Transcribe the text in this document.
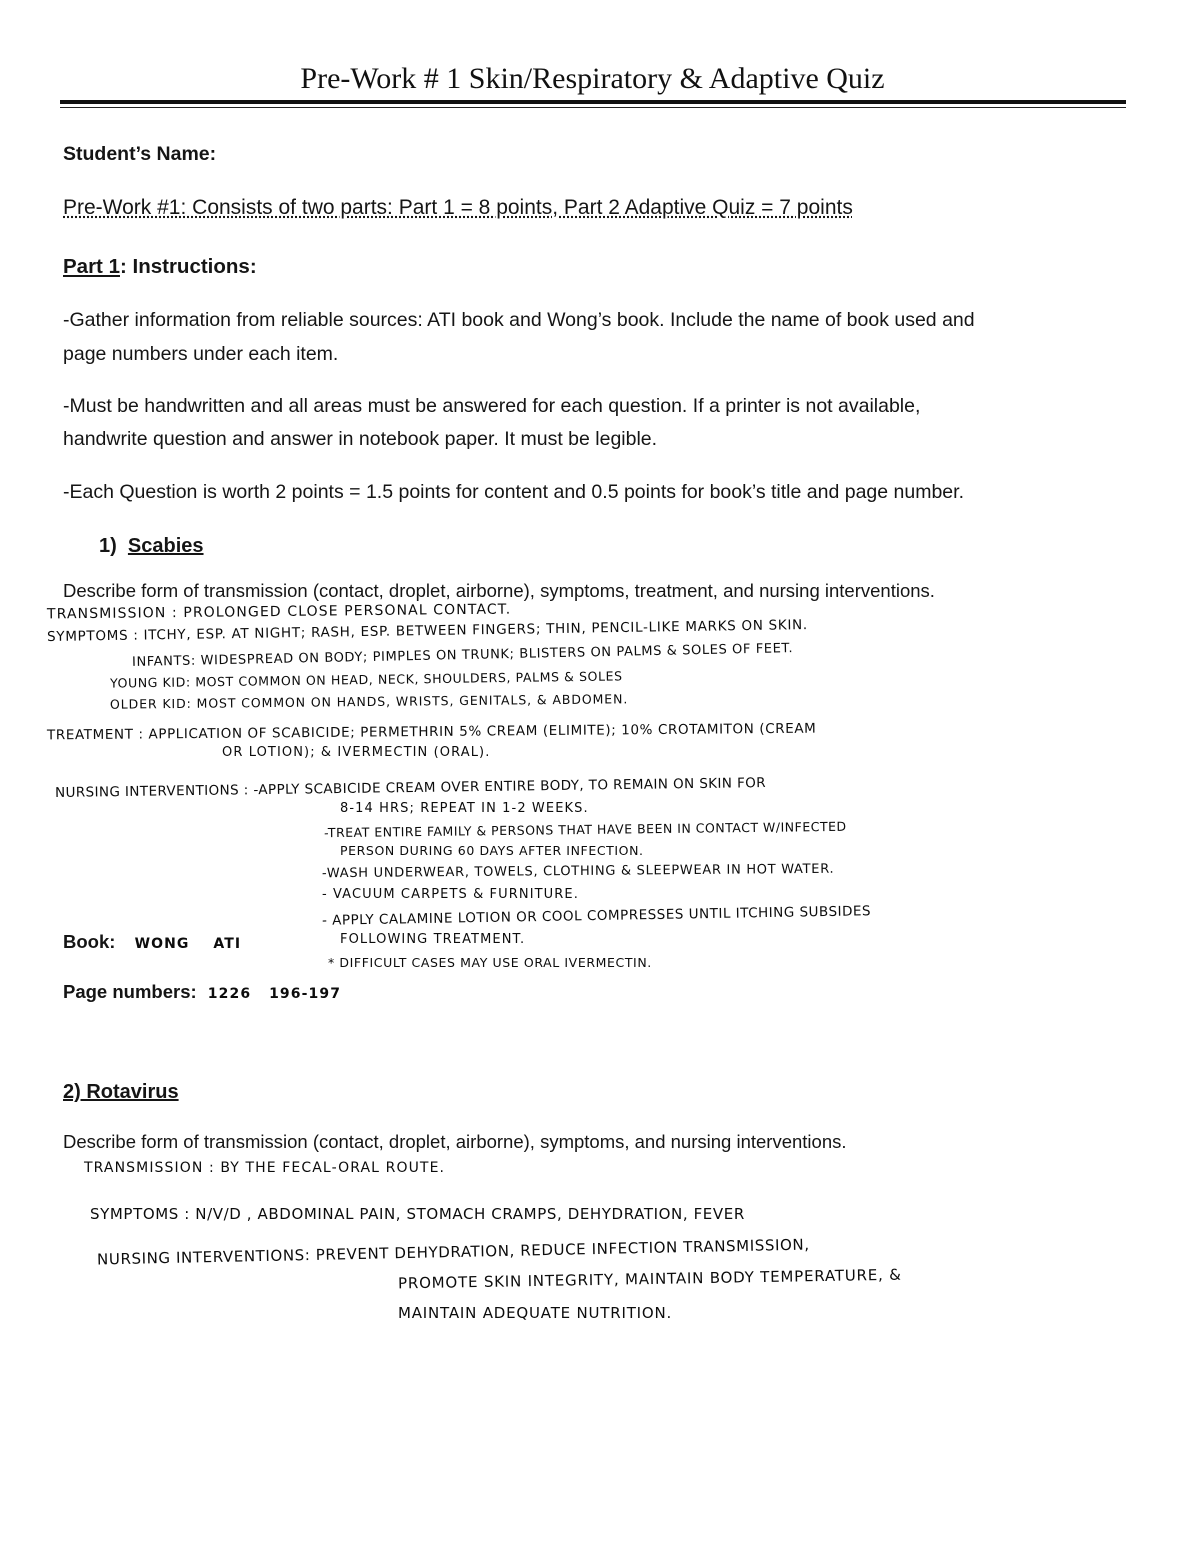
Pre-Work # 1 Skin/Respiratory & Adaptive Quiz
Student’s Name:
Pre-Work #1: Consists of two parts: Part 1 = 8 points, Part 2 Adaptive Quiz = 7 points
Part 1: Instructions:
-Gather information from reliable sources: ATI book and Wong’s book. Include the name of book used and
page numbers under each item.
-Must be handwritten and all areas must be answered for each question. If a printer is not available,
handwrite question and answer in notebook paper. It must be legible.
-Each Question is worth 2 points = 1.5 points for content and 0.5 points for book’s title and page number.
1) Scabies
Describe form of transmission (contact, droplet, airborne), symptoms, treatment, and nursing interventions.
TRANSMISSION : PROLONGED CLOSE PERSONAL CONTACT.
SYMPTOMS : ITCHY, ESP. AT NIGHT; RASH, ESP. BETWEEN FINGERS; THIN, PENCIL-LIKE MARKS ON SKIN.
INFANTS: WIDESPREAD ON BODY; PIMPLES ON TRUNK; BLISTERS ON PALMS & SOLES OF FEET.
YOUNG KID: MOST COMMON ON HEAD, NECK, SHOULDERS, PALMS & SOLES
OLDER KID: MOST COMMON ON HANDS, WRISTS, GENITALS, & ABDOMEN.
TREATMENT : APPLICATION OF SCABICIDE; PERMETHRIN 5% CREAM (ELIMITE); 10% CROTAMITON (CREAM
OR LOTION); & IVERMECTIN (ORAL).
NURSING INTERVENTIONS : -APPLY SCABICIDE CREAM OVER ENTIRE BODY, TO REMAIN ON SKIN FOR
8-14 HRS; REPEAT IN 1-2 WEEKS.
-TREAT ENTIRE FAMILY & PERSONS THAT HAVE BEEN IN CONTACT W/INFECTED
PERSON DURING 60 DAYS AFTER INFECTION.
-WASH UNDERWEAR, TOWELS, CLOTHING & SLEEPWEAR IN HOT WATER.
- VACUUM CARPETS & FURNITURE.
- APPLY CALAMINE LOTION OR COOL COMPRESSES UNTIL ITCHING SUBSIDES
FOLLOWING TREATMENT.
* DIFFICULT CASES MAY USE ORAL IVERMECTIN.
Book: WONG    ATI
Page numbers: 1226   196-197
2) Rotavirus
Describe form of transmission (contact, droplet, airborne), symptoms, and nursing interventions.
TRANSMISSION : BY THE FECAL-ORAL ROUTE.
SYMPTOMS : N/V/D , ABDOMINAL PAIN, STOMACH CRAMPS, DEHYDRATION, FEVER
NURSING INTERVENTIONS: PREVENT DEHYDRATION, REDUCE INFECTION TRANSMISSION,
PROMOTE SKIN INTEGRITY, MAINTAIN BODY TEMPERATURE, &
MAINTAIN ADEQUATE NUTRITION.
